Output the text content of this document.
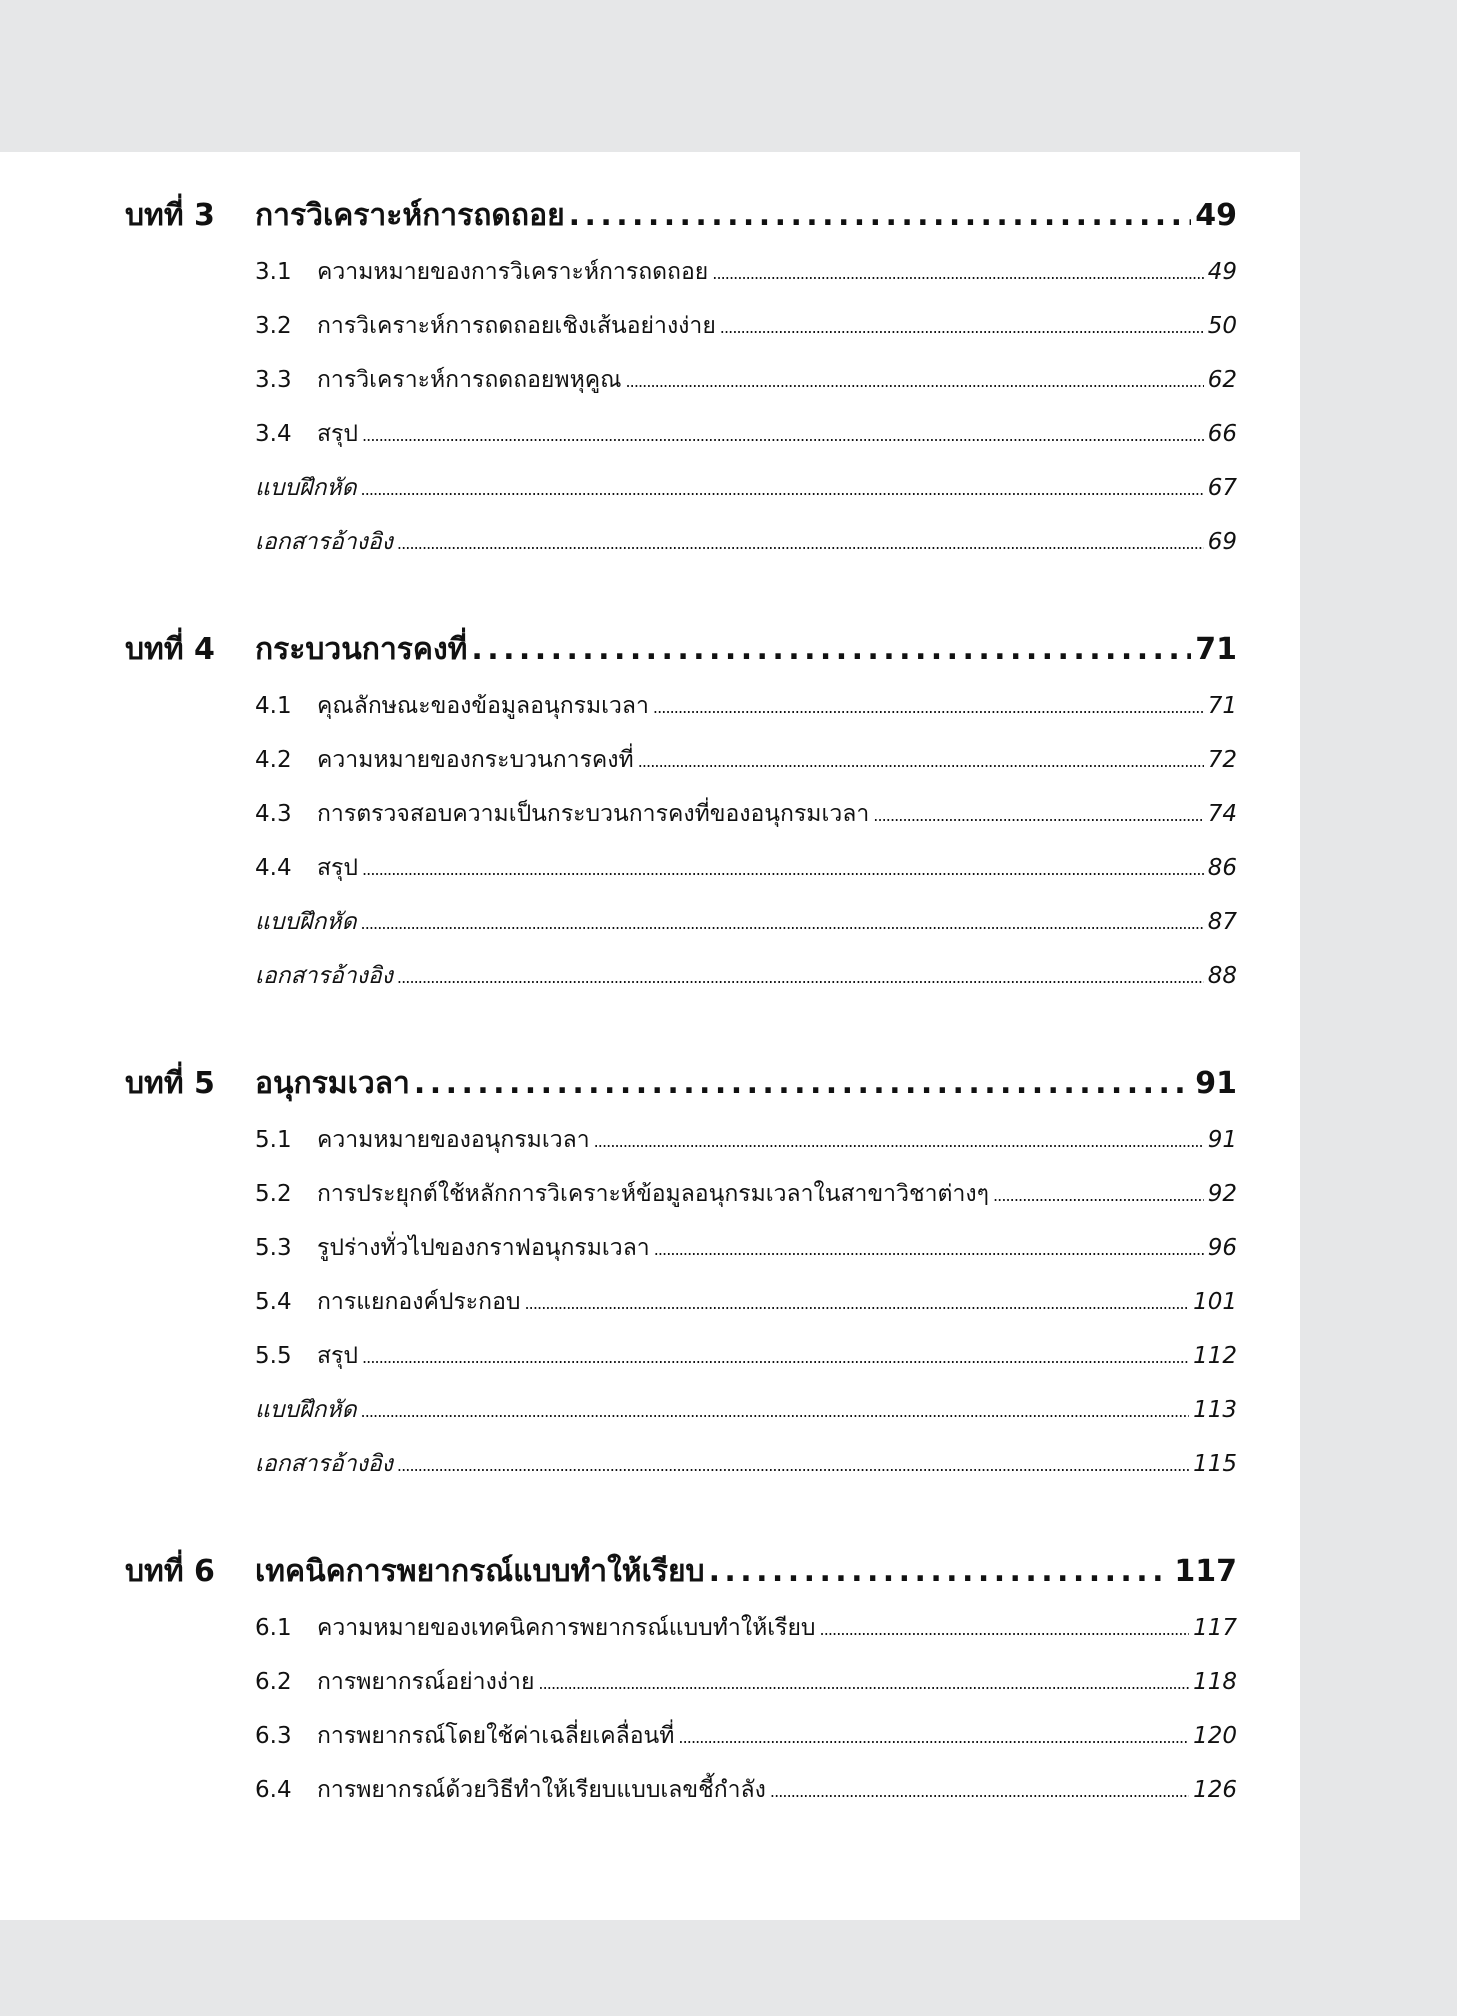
บทที่ 3	การวิเคราะห์การถดถอย . . .	49
3.1	ความหมายของการวิเคราะห์การถดถอย . . .	49
3.2	การวิเคราะห์การถดถอยเชิงเส้นอย่างง่าย . . .	50
3.3	การวิเคราะห์การถดถอยพหุคูณ . . .	62
3.4	สรุป . . .	66
แบบฝึกหัด . . .	67
เอกสารอ้างอิง . . .	69
บทที่ 4	กระบวนการคงที่ . . .	71
4.1	คุณลักษณะของข้อมูลอนุกรมเวลา . . .	71
4.2	ความหมายของกระบวนการคงที่ . . .	72
4.3	การตรวจสอบความเป็นกระบวนการคงที่ของอนุกรมเวลา . . .	74
4.4	สรุป . . .	86
แบบฝึกหัด . . .	87
เอกสารอ้างอิง . . .	88
บทที่ 5	อนุกรมเวลา . . .	91
5.1	ความหมายของอนุกรมเวลา . . .	91
5.2	การประยุกต์ใช้หลักการวิเคราะห์ข้อมูลอนุกรมเวลาในสาขาวิชาต่างๆ . . .	92
5.3	รูปร่างทั่วไปของกราฟอนุกรมเวลา . . .	96
5.4	การแยกองค์ประกอบ . . .	101
5.5	สรุป . . .	112
แบบฝึกหัด . . .	113
เอกสารอ้างอิง . . .	115
บทที่ 6	เทคนิคการพยากรณ์แบบทำให้เรียบ . . .	117
6.1	ความหมายของเทคนิคการพยากรณ์แบบทำให้เรียบ . . .	117
6.2	การพยากรณ์อย่างง่าย . . .	118
6.3	การพยากรณ์โดยใช้ค่าเฉลี่ยเคลื่อนที่ . . .	120
6.4	การพยากรณ์ด้วยวิธีทำให้เรียบแบบเลขชี้กำลัง . . .	126
